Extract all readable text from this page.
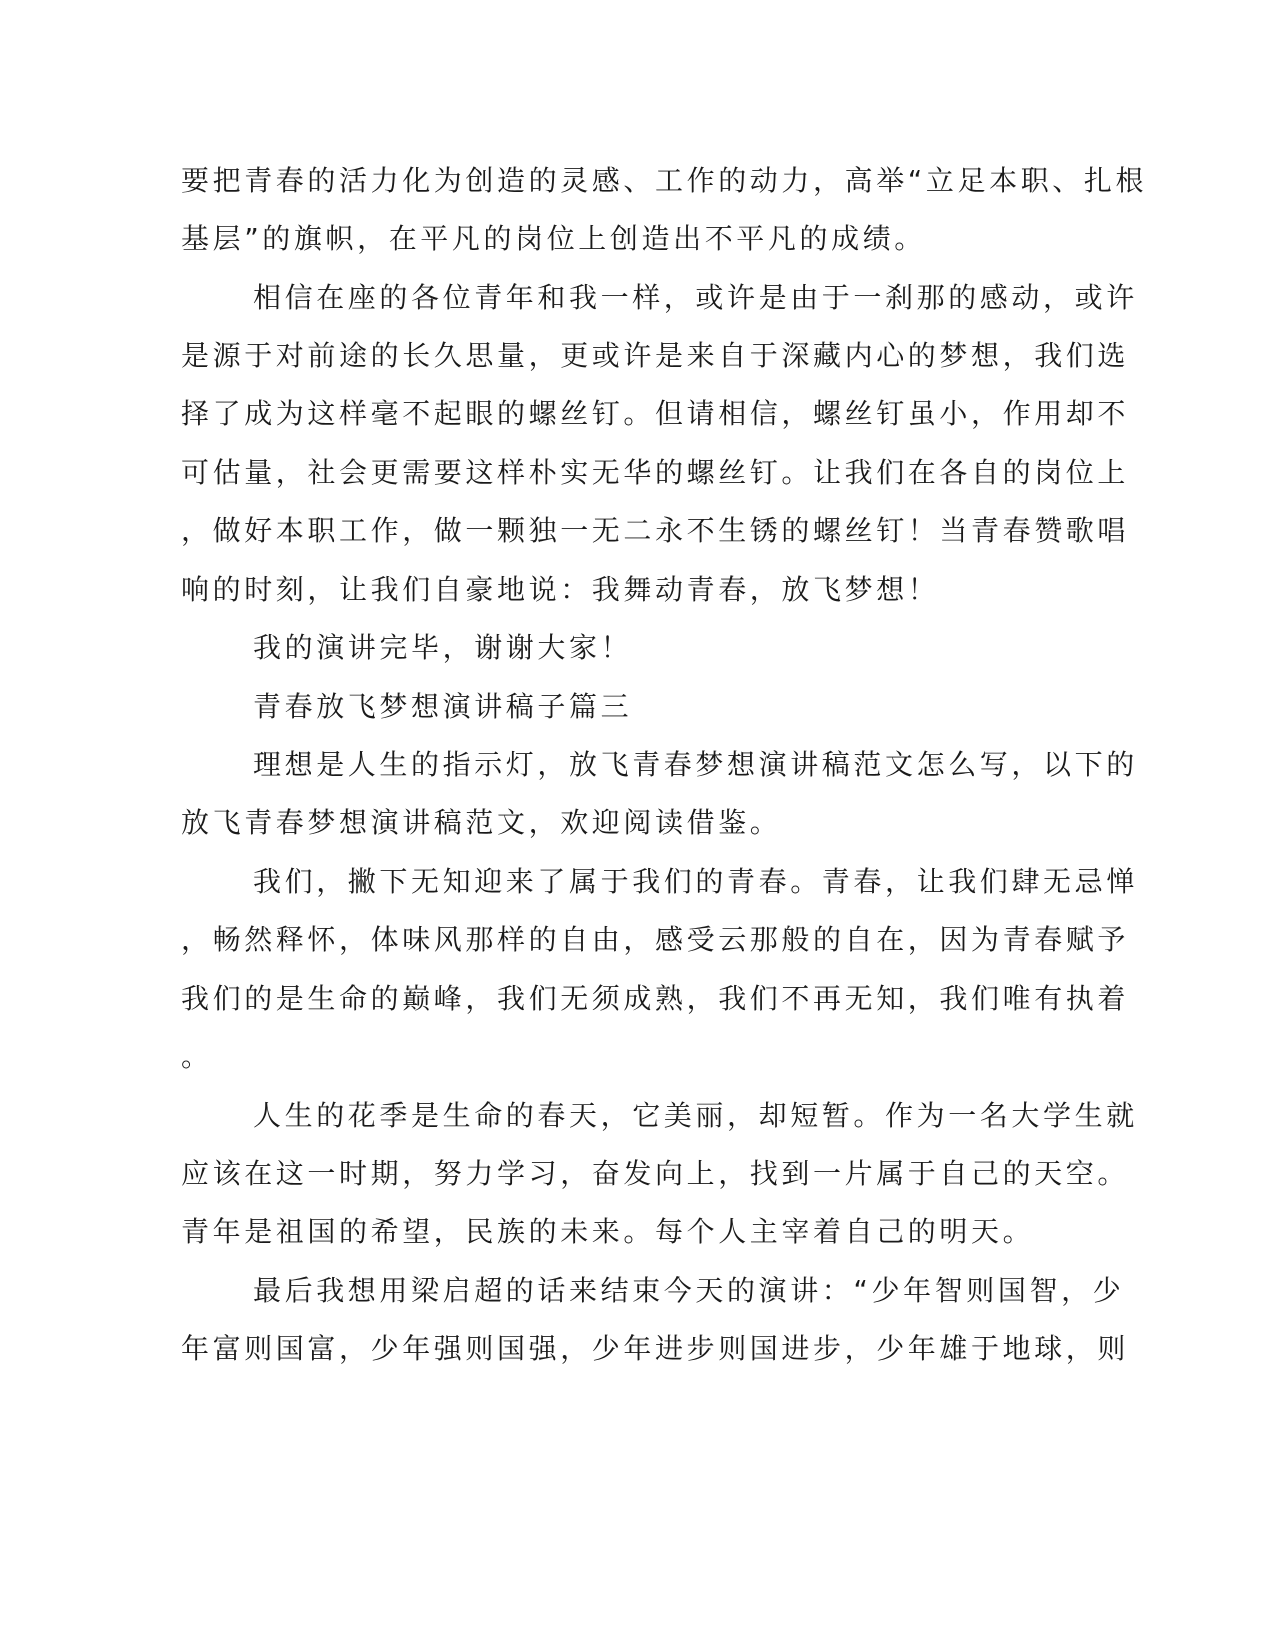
要把青春的活力化为创造的灵感、工作的动力，高举“立足本职、扎根
基层”的旗帜，在平凡的岗位上创造出不平凡的成绩。
相信在座的各位青年和我一样，或许是由于一刹那的感动，或许
是源于对前途的长久思量，更或许是来自于深藏内心的梦想，我们选
择了成为这样毫不起眼的螺丝钉。但请相信，螺丝钉虽小，作用却不
可估量，社会更需要这样朴实无华的螺丝钉。让我们在各自的岗位上
，做好本职工作，做一颗独一无二永不生锈的螺丝钉！当青春赞歌唱
响的时刻，让我们自豪地说：我舞动青春，放飞梦想！
我的演讲完毕，谢谢大家！
青春放飞梦想演讲稿子篇三
理想是人生的指示灯，放飞青春梦想演讲稿范文怎么写，以下的
放飞青春梦想演讲稿范文，欢迎阅读借鉴。
我们，撇下无知迎来了属于我们的青春。青春，让我们肆无忌惮
，畅然释怀，体味风那样的自由，感受云那般的自在，因为青春赋予
我们的是生命的巅峰，我们无须成熟，我们不再无知，我们唯有执着
。
人生的花季是生命的春天，它美丽，却短暂。作为一名大学生就
应该在这一时期，努力学习，奋发向上，找到一片属于自己的天空。
青年是祖国的希望，民族的未来。每个人主宰着自己的明天。
最后我想用梁启超的话来结束今天的演讲：“少年智则国智，少
年富则国富，少年强则国强，少年进步则国进步，少年雄于地球，则
